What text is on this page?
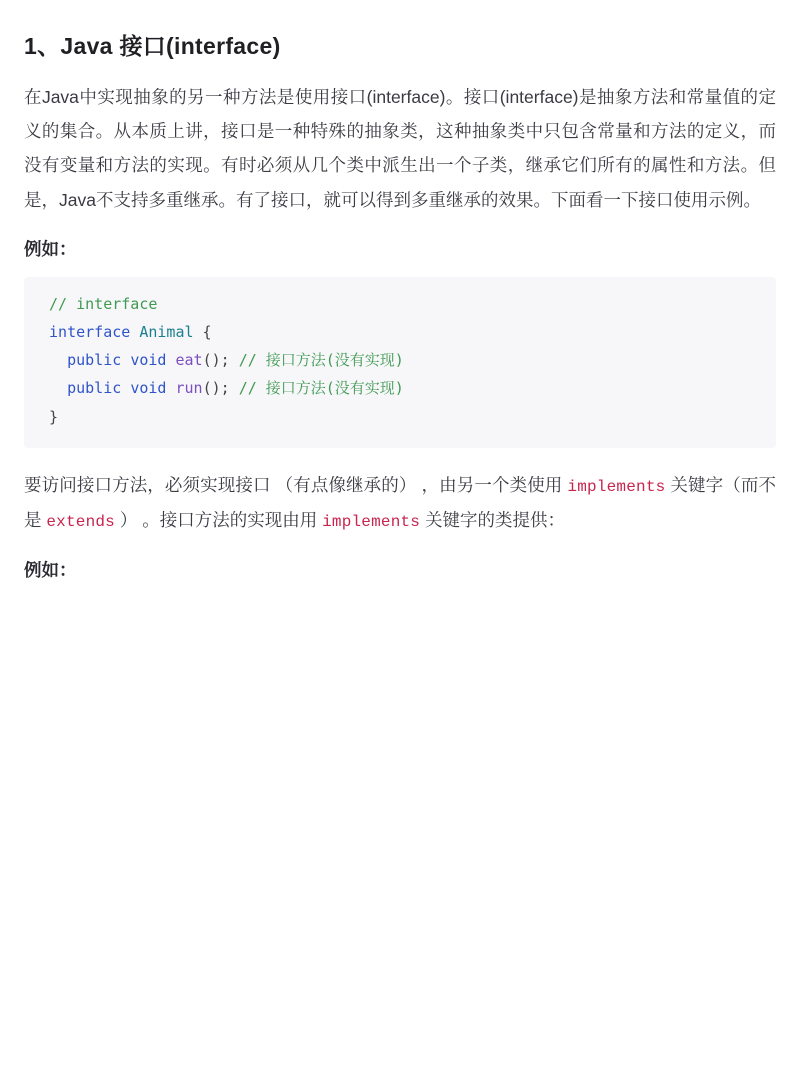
1、Java 接口(interface)

在Java中实现抽象的另一种方法是使用接口(interface)。接口(interface)是抽象方法和常量值的定义的集合。从本质上讲，接口是一种特殊的抽象类，这种抽象类中只包含常量和方法的定义，而没有变量和方法的实现。有时必须从几个类中派生出一个子类，继承它们所有的属性和方法。但是，Java不支持多重继承。有了接口，就可以得到多重继承的效果。下面看一下接口使用示例。

例如：
// interface
interface Animal {
public void eat(); // 接口方法(没有实现)
public void run(); // 接口方法(没有实现)
}

要访问接口方法，必须实现接口 （有点像继承的） ，由另一个类使用 implements 关键字（而不是 extends ） 。接口方法的实现由用 implements 关键字的类提供：

例如：
